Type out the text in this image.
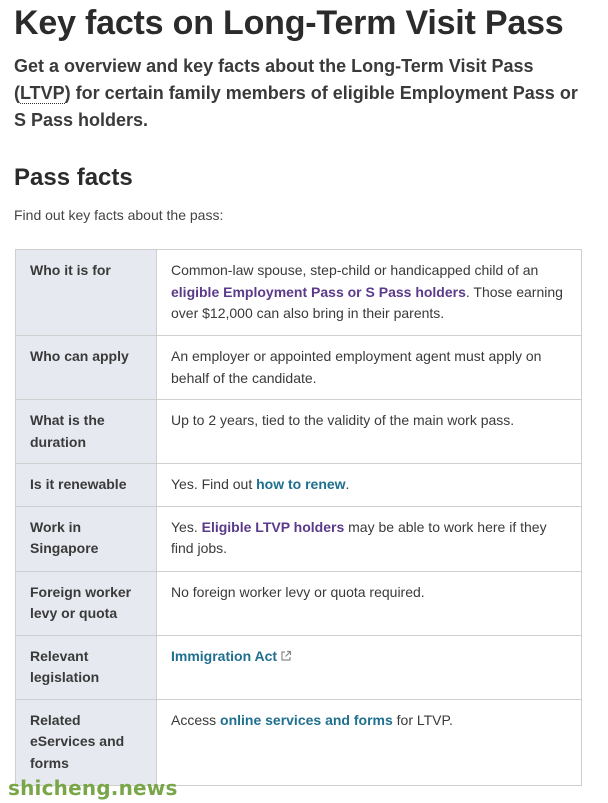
Key facts on Long-Term Visit Pass

Get a overview and key facts about the Long-Term Visit Pass (LTVP) for certain family members of eligible Employment Pass or S Pass holders.

Pass facts

Find out key facts about the pass:

Who it is for	Common-law spouse, step-child or handicapped child of an eligible Employment Pass or S Pass holders. Those earning over $12,000 can also bring in their parents.
Who can apply	An employer or appointed employment agent must apply on behalf of the candidate.
What is the duration	Up to 2 years, tied to the validity of the main work pass.
Is it renewable	Yes. Find out how to renew.
Work in Singapore	Yes. Eligible LTVP holders may be able to work here if they find jobs.
Foreign worker levy or quota	No foreign worker levy or quota required.
Relevant legislation	Immigration Act
Related eServices and forms	Access online services and forms for LTVP.
shicheng.news
